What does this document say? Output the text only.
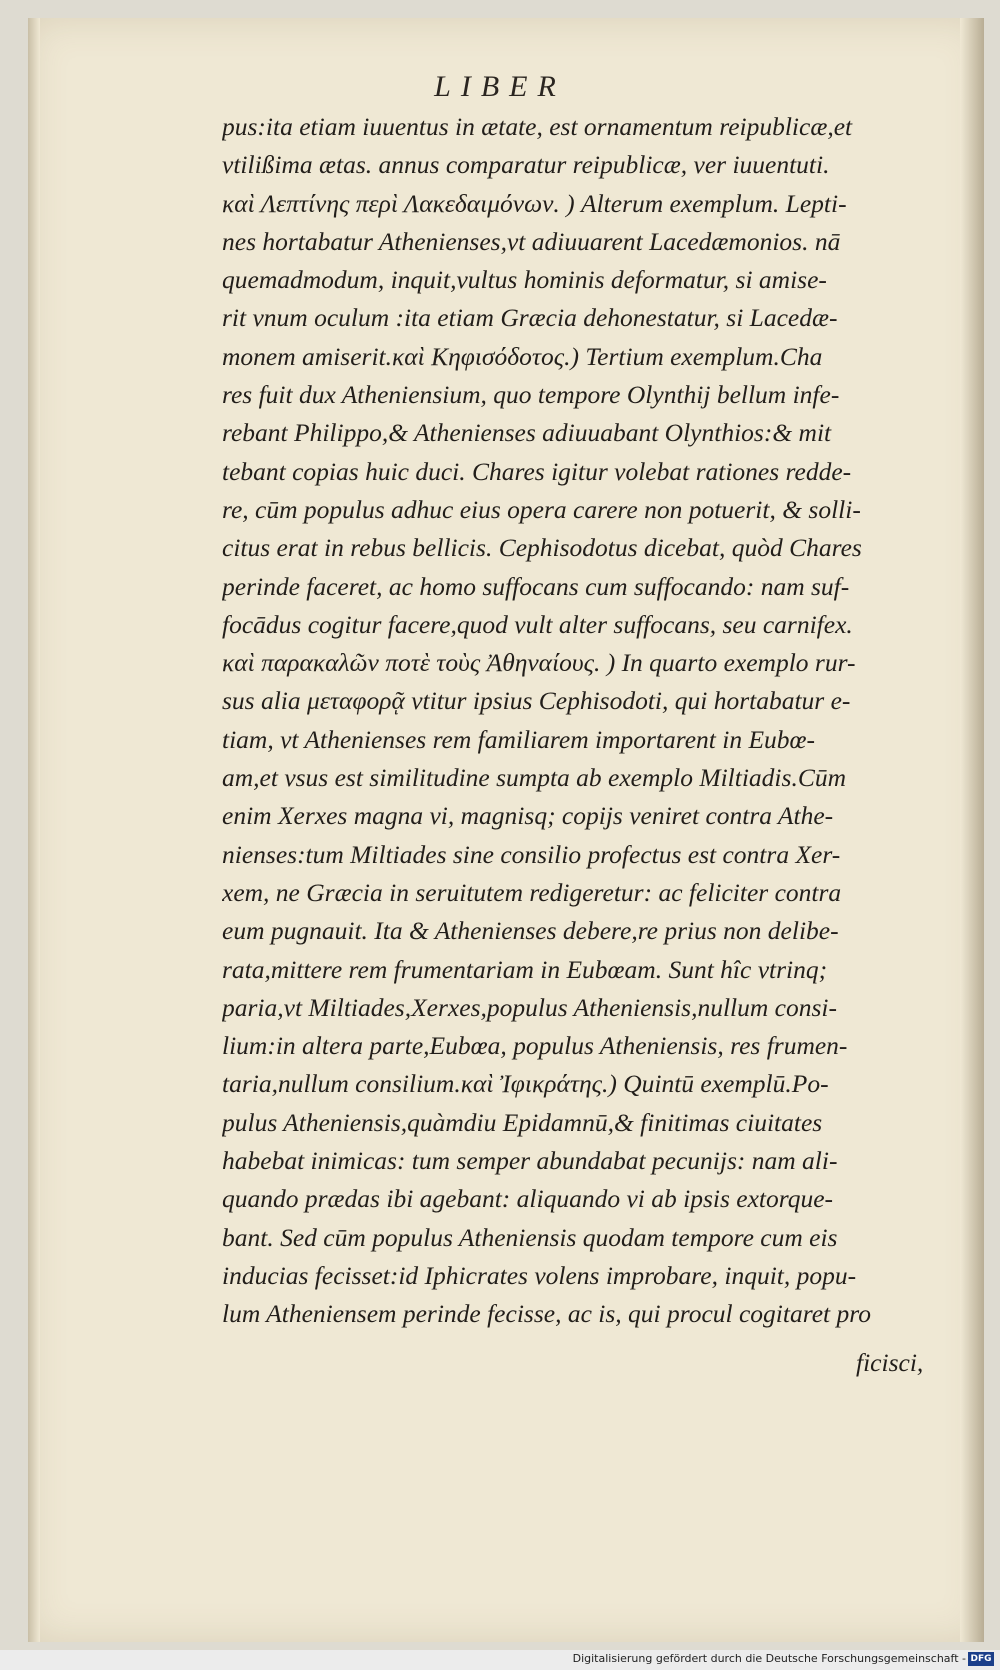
LIBER
pus:ita etiam iuuentus in ætate, est ornamentum reipublicæ,et
vtilißima ætas. annus comparatur reipublicæ, ver iuuentuti.
καὶ Λεπτίνης περὶ Λακεδαιμόνων. ) Alterum exemplum. Lepti-
nes hortabatur Athenienses,vt adiuuarent Lacedæmonios. nā
quemadmodum, inquit,vultus hominis deformatur, si amise-
rit vnum oculum :ita etiam Græcia dehonestatur, si Lacedæ-
monem amiserit.καὶ Κηφισόδοτος.) Tertium exemplum.Cha
res fuit dux Atheniensium, quo tempore Olynthij bellum infe-
rebant Philippo,& Athenienses adiuuabant Olynthios:& mit
tebant copias huic duci. Chares igitur volebat rationes redde-
re, cūm populus adhuc eius opera carere non potuerit, & solli-
citus erat in rebus bellicis. Cephisodotus dicebat, quòd Chares
perinde faceret, ac homo suffocans cum suffocando: nam suf-
focādus cogitur facere,quod vult alter suffocans, seu carnifex.
καὶ παρακαλῶν ποτὲ τοὺς Ἀθηναίους. ) In quarto exemplo rur-
sus alia μεταφορᾷ vtitur ipsius Cephisodoti, qui hortabatur e-
tiam, vt Athenienses rem familiarem importarent in Eubœ-
am,et vsus est similitudine sumpta ab exemplo Miltiadis.Cūm
enim Xerxes magna vi, magnisq; copijs veniret contra Athe-
nienses:tum Miltiades sine consilio profectus est contra Xer-
xem, ne Græcia in seruitutem redigeretur: ac feliciter contra
eum pugnauit. Ita & Athenienses debere,re prius non delibe-
rata,mittere rem frumentariam in Eubœam. Sunt hîc vtrinq;
paria,vt Miltiades,Xerxes,populus Atheniensis,nullum consi-
lium:in altera parte,Eubœa, populus Atheniensis, res frumen-
taria,nullum consilium.καὶ Ἰφικράτης.) Quintū exemplū.Po-
pulus Atheniensis,quàmdiu Epidamnū,& finitimas ciuitates
habebat inimicas: tum semper abundabat pecunijs: nam ali-
quando prædas ibi agebant: aliquando vi ab ipsis extorque-
bant. Sed cūm populus Atheniensis quodam tempore cum eis
inducias fecisset:id Iphicrates volens improbare, inquit, popu-
lum Atheniensem perinde fecisse, ac is, qui procul cogitaret pro
ficisci,
Digitalisierung gefördert durch die Deutsche Forschungsgemeinschaft - DFG
